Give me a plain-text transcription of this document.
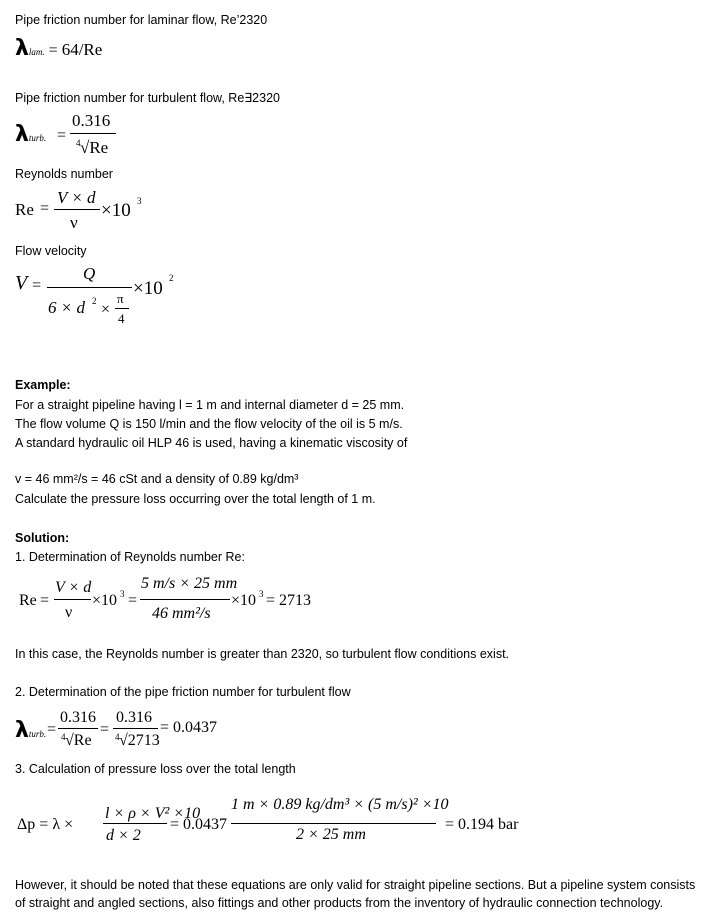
Pipe friction number for laminar flow, Re’2320
λlam. = 64/Re
Pipe friction number for turbulent flow, Re∃2320
λturb. =
0.316
4 √Re
Reynolds number
Re =
V × d
ν
×10 3
Flow velocity
V =
Q
6 × d 2 ×
π
4
×10 2
Example:
For a straight pipeline having l = 1 m and internal diameter d = 25 mm.
The flow volume Q is 150 l/min and the flow velocity of the oil is 5 m/s.
A standard hydraulic oil HLP 46 is used, having a kinematic viscosity of
v = 46 mm²/s = 46 cSt and a density of 0.89 kg/dm³
Calculate the pressure loss occurring over the total length of 1 m.
Solution:
1. Determination of Reynolds number Re:
Re =
V × d
ν
×10 3 =
5 m/s × 25 mm
46 mm²/s
×10 3 = 2713
In this case, the Reynolds number is greater than 2320, so turbulent flow conditions exist.
2. Determination of the pipe friction number for turbulent flow
λturb. =
0.316
4 √Re
=
0.316
4 √2713
= 0.0437
3. Calculation of pressure loss over the total length
Δp = λ ×
l × ρ × V² ×10
d × 2
= 0.0437
1 m × 0.89 kg/dm³ × (5 m/s)² ×10
2 × 25 mm
= 0.194 bar
However, it should be noted that these equations are only valid for straight pipeline sections. But a pipeline system consists
of straight and angled sections, also fittings and other products from the inventory of hydraulic connection technology.
